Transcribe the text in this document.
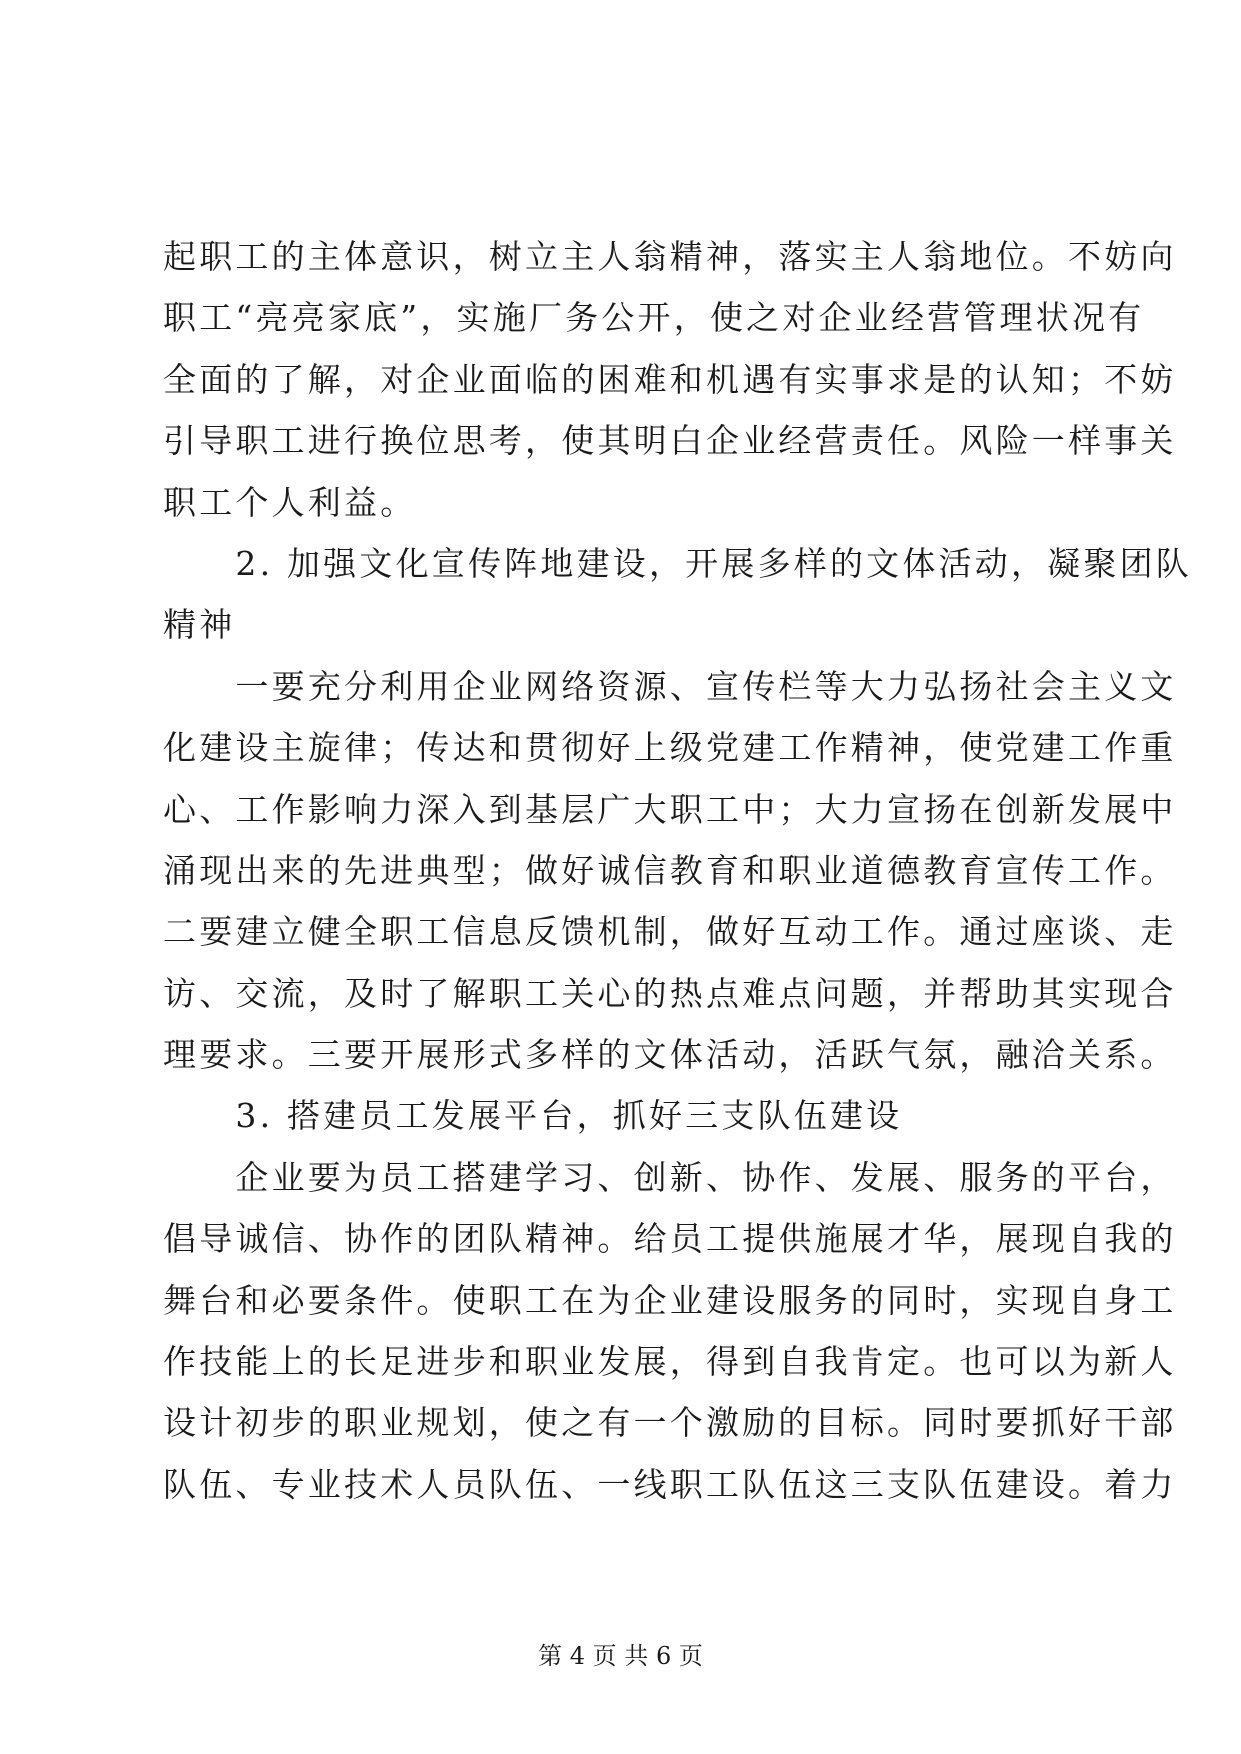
起职工的主体意识，树立主人翁精神，落实主人翁地位。不妨向
职工“亮亮家底”，实施厂务公开，使之对企业经营管理状况有
全面的了解，对企业面临的困难和机遇有实事求是的认知；不妨
引导职工进行换位思考，使其明白企业经营责任。风险一样事关
职工个人利益。
　　2. 加强文化宣传阵地建设，开展多样的文体活动，凝聚团队
精神
　　一要充分利用企业网络资源、宣传栏等大力弘扬社会主义文
化建设主旋律；传达和贯彻好上级党建工作精神，使党建工作重
心、工作影响力深入到基层广大职工中；大力宣扬在创新发展中
涌现出来的先进典型；做好诚信教育和职业道德教育宣传工作。
二要建立健全职工信息反馈机制，做好互动工作。通过座谈、走
访、交流，及时了解职工关心的热点难点问题，并帮助其实现合
理要求。三要开展形式多样的文体活动，活跃气氛，融洽关系。
　　3. 搭建员工发展平台，抓好三支队伍建设
　　企业要为员工搭建学习、创新、协作、发展、服务的平台，
倡导诚信、协作的团队精神。给员工提供施展才华，展现自我的
舞台和必要条件。使职工在为企业建设服务的同时，实现自身工
作技能上的长足进步和职业发展，得到自我肯定。也可以为新人
设计初步的职业规划，使之有一个激励的目标。同时要抓好干部
队伍、专业技术人员队伍、一线职工队伍这三支队伍建设。着力
第 4 页 共 6 页
